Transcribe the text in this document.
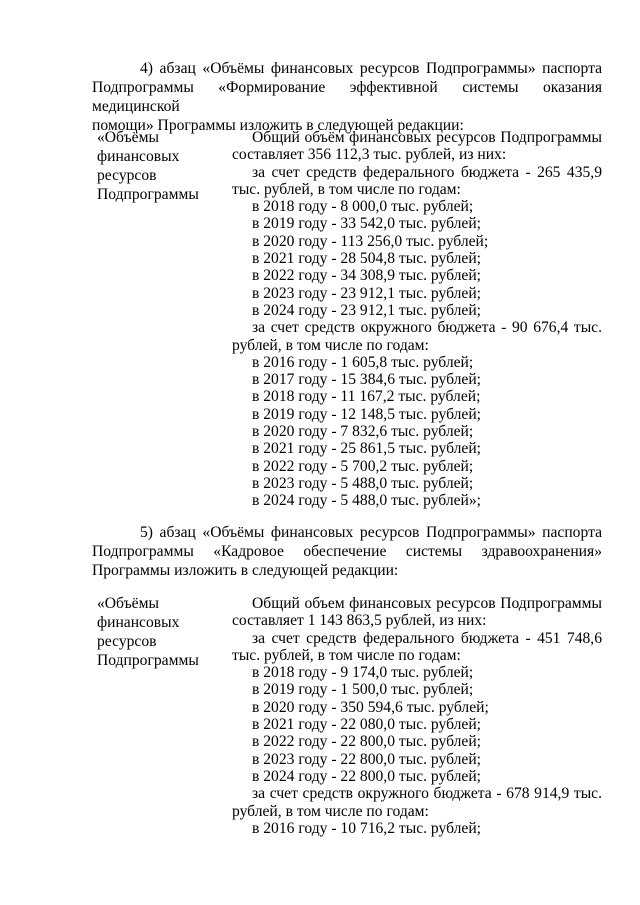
4) абзац «Объёмы финансовых ресурсов Подпрограммы» паспорта
Подпрограммы «Формирование эффективной системы оказания медицинской
помощи» Программы изложить в следующей редакции:
«Объёмы
финансовых
ресурсов
Подпрограммы
Общий объём финансовых ресурсов Подпрограммы
составляет 356 112,3 тыс. рублей, из них:
за счет средств федерального бюджета - 265 435,9
тыс. рублей, в том числе по годам:
в 2018 году - 8 000,0 тыс. рублей;
в 2019 году - 33 542,0 тыс. рублей;
в 2020 году - 113 256,0 тыс. рублей;
в 2021 году - 28 504,8 тыс. рублей;
в 2022 году - 34 308,9 тыс. рублей;
в 2023 году - 23 912,1 тыс. рублей;
в 2024 году - 23 912,1 тыс. рублей;
за счет средств окружного бюджета - 90 676,4 тыс.
рублей, в том числе по годам:
в 2016 году - 1 605,8 тыс. рублей;
в 2017 году - 15 384,6 тыс. рублей;
в 2018 году - 11 167,2 тыс. рублей;
в 2019 году - 12 148,5 тыс. рублей;
в 2020 году - 7 832,6 тыс. рублей;
в 2021 году - 25 861,5 тыс. рублей;
в 2022 году - 5 700,2 тыс. рублей;
в 2023 году - 5 488,0 тыс. рублей;
в 2024 году - 5 488,0 тыс. рублей»;
5) абзац «Объёмы финансовых ресурсов Подпрограммы» паспорта
Подпрограммы «Кадровое обеспечение системы здравоохранения»
Программы изложить в следующей редакции:
«Объёмы
финансовых
ресурсов
Подпрограммы
Общий объем финансовых ресурсов Подпрограммы
составляет 1 143 863,5 рублей, из них:
за счет средств федерального бюджета - 451 748,6
тыс. рублей, в том числе по годам:
в 2018 году - 9 174,0 тыс. рублей;
в 2019 году - 1 500,0 тыс. рублей;
в 2020 году - 350 594,6 тыс. рублей;
в 2021 году - 22 080,0 тыс. рублей;
в 2022 году - 22 800,0 тыс. рублей;
в 2023 году - 22 800,0 тыс. рублей;
в 2024 году - 22 800,0 тыс. рублей;
за счет средств окружного бюджета - 678 914,9 тыс.
рублей, в том числе по годам:
в 2016 году - 10 716,2 тыс. рублей;
